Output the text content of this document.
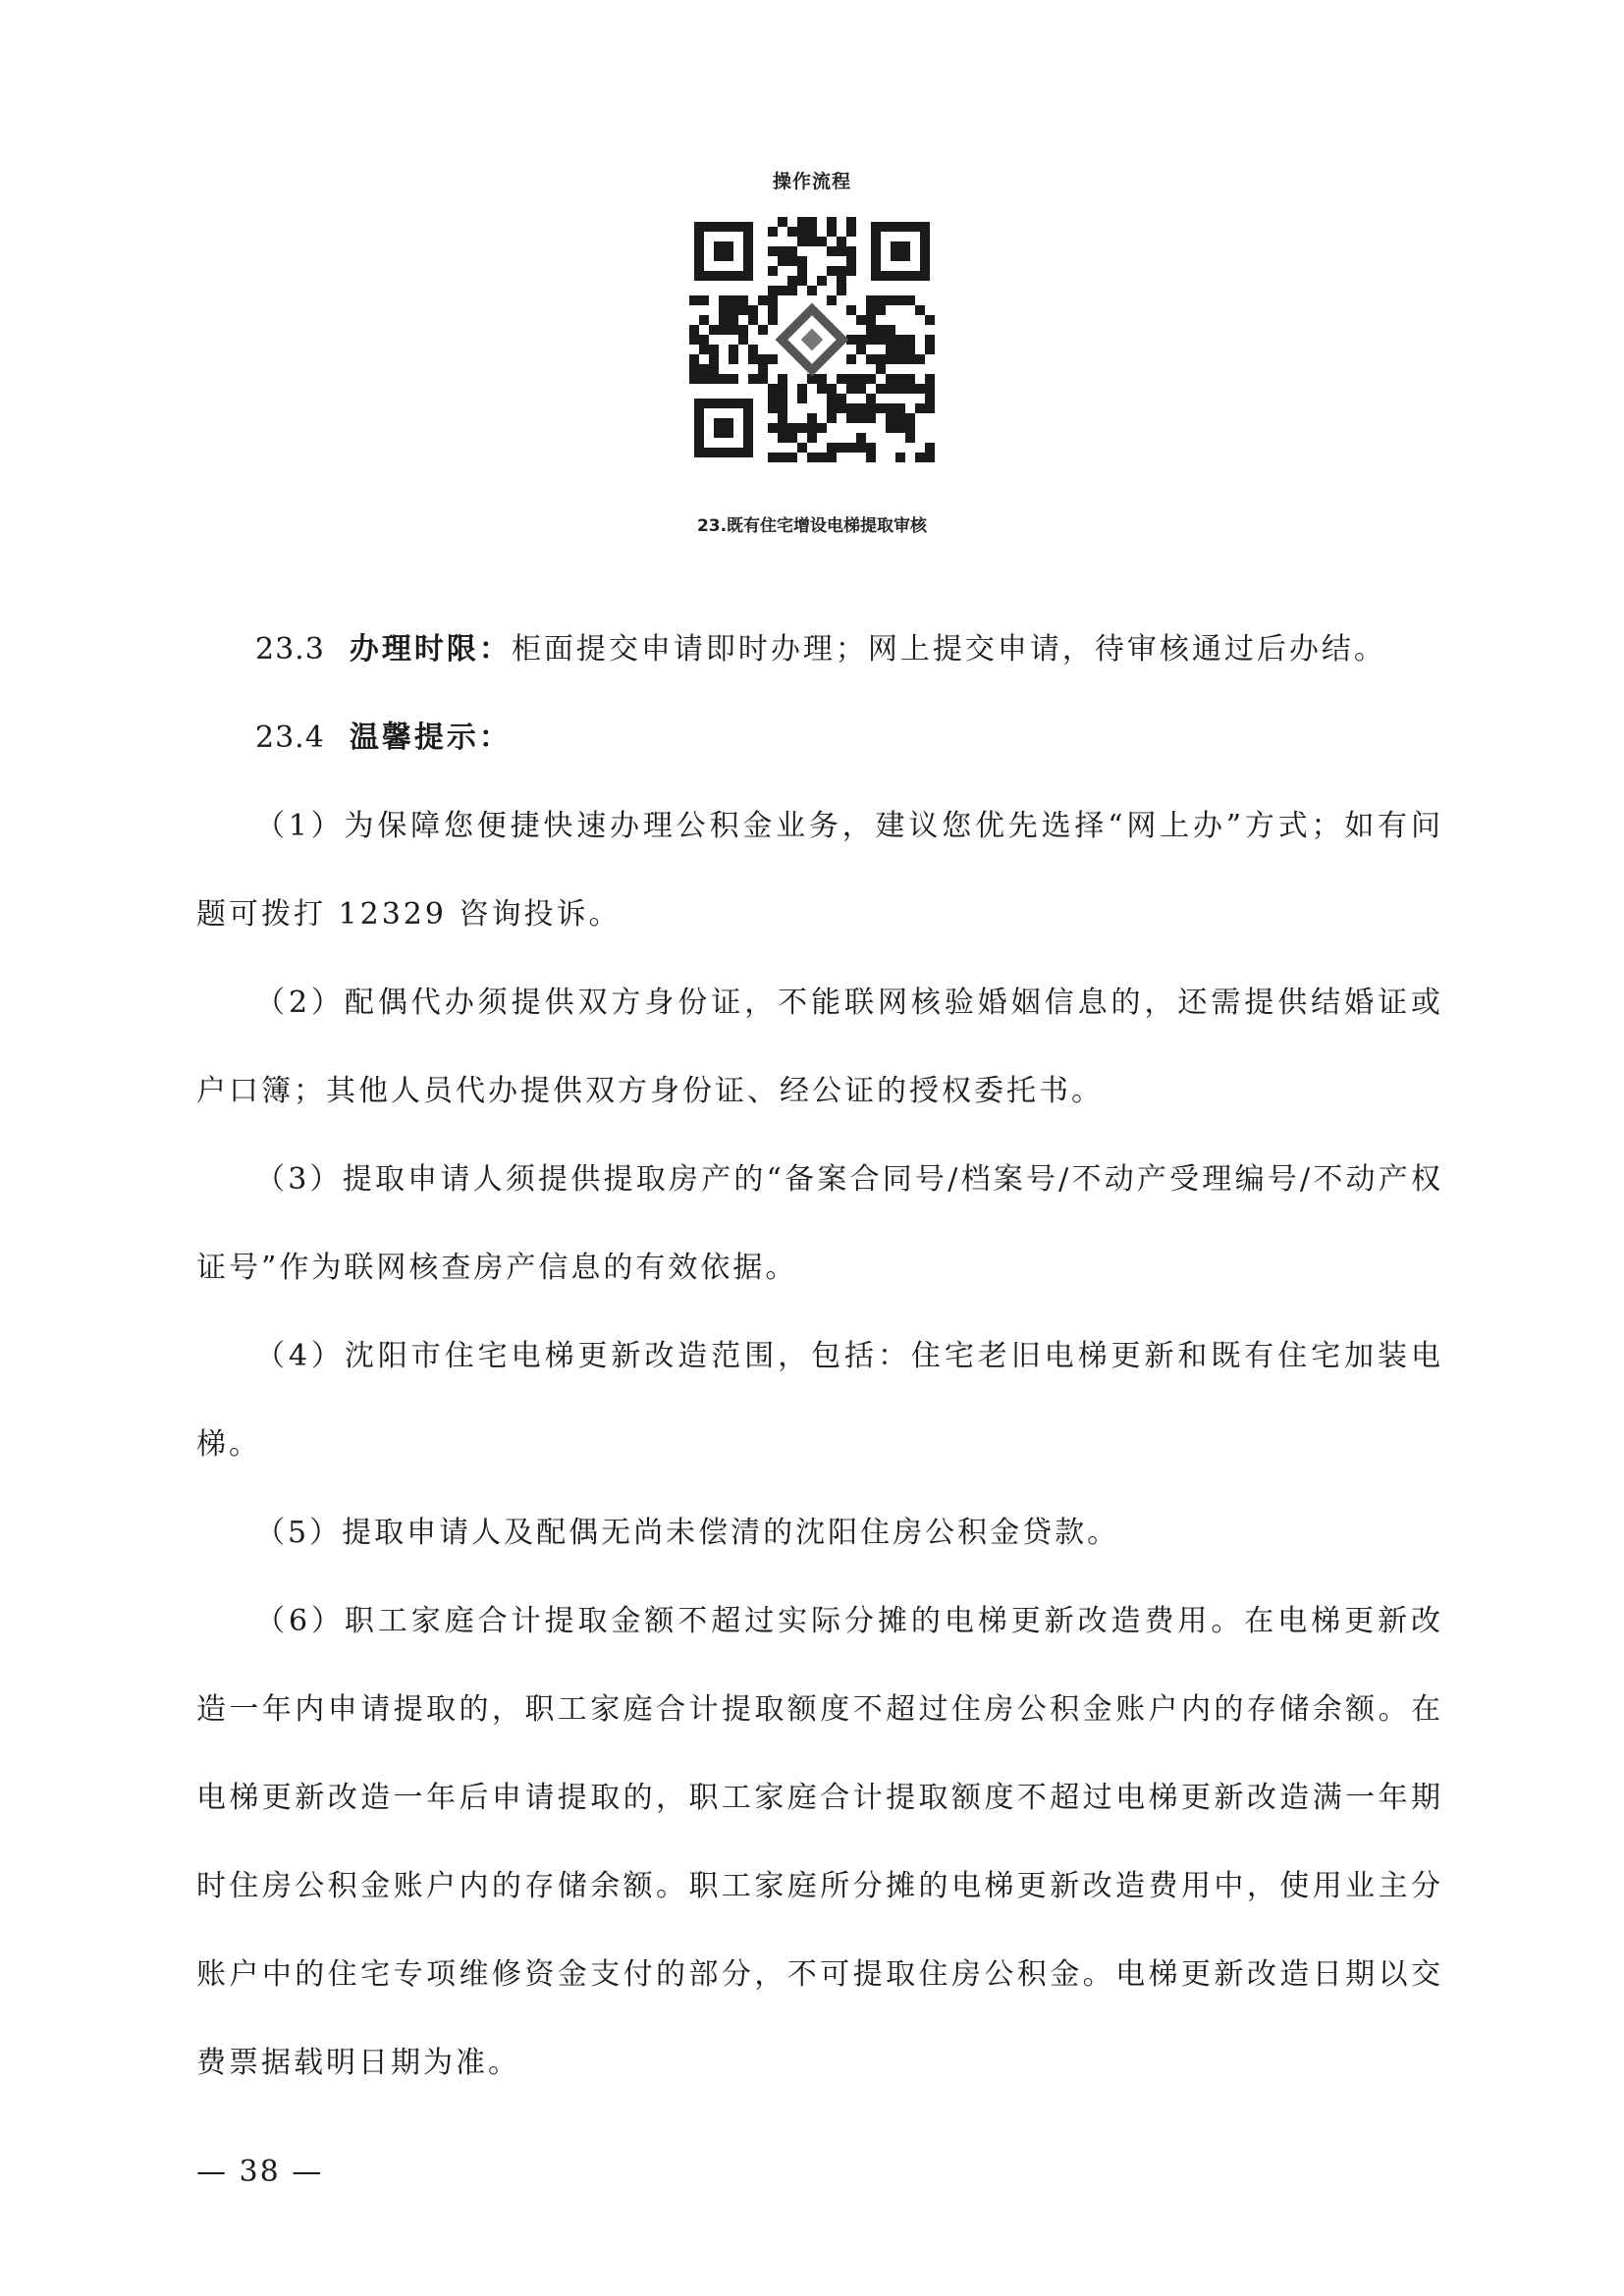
操作流程
23.既有住宅增设电梯提取审核

23.3 办理时限：柜面提交申请即时办理；网上提交申请，待审核通过后办结。

23.4 温馨提示：

（1）为保障您便捷快速办理公积金业务，建议您优先选择“网上办”方式；如有问题可拨打 12329 咨询投诉。

（2）配偶代办须提供双方身份证，不能联网核验婚姻信息的，还需提供结婚证或户口簿；其他人员代办提供双方身份证、经公证的授权委托书。

（3）提取申请人须提供提取房产的“备案合同号/档案号/不动产受理编号/不动产权证号”作为联网核查房产信息的有效依据。

（4）沈阳市住宅电梯更新改造范围，包括：住宅老旧电梯更新和既有住宅加装电梯。

（5）提取申请人及配偶无尚未偿清的沈阳住房公积金贷款。

（6）职工家庭合计提取金额不超过实际分摊的电梯更新改造费用。在电梯更新改造一年内申请提取的，职工家庭合计提取额度不超过住房公积金账户内的存储余额。在电梯更新改造一年后申请提取的，职工家庭合计提取额度不超过电梯更新改造满一年期时住房公积金账户内的存储余额。职工家庭所分摊的电梯更新改造费用中，使用业主分账户中的住宅专项维修资金支付的部分，不可提取住房公积金。电梯更新改造日期以交费票据载明日期为准。

— 38 —
